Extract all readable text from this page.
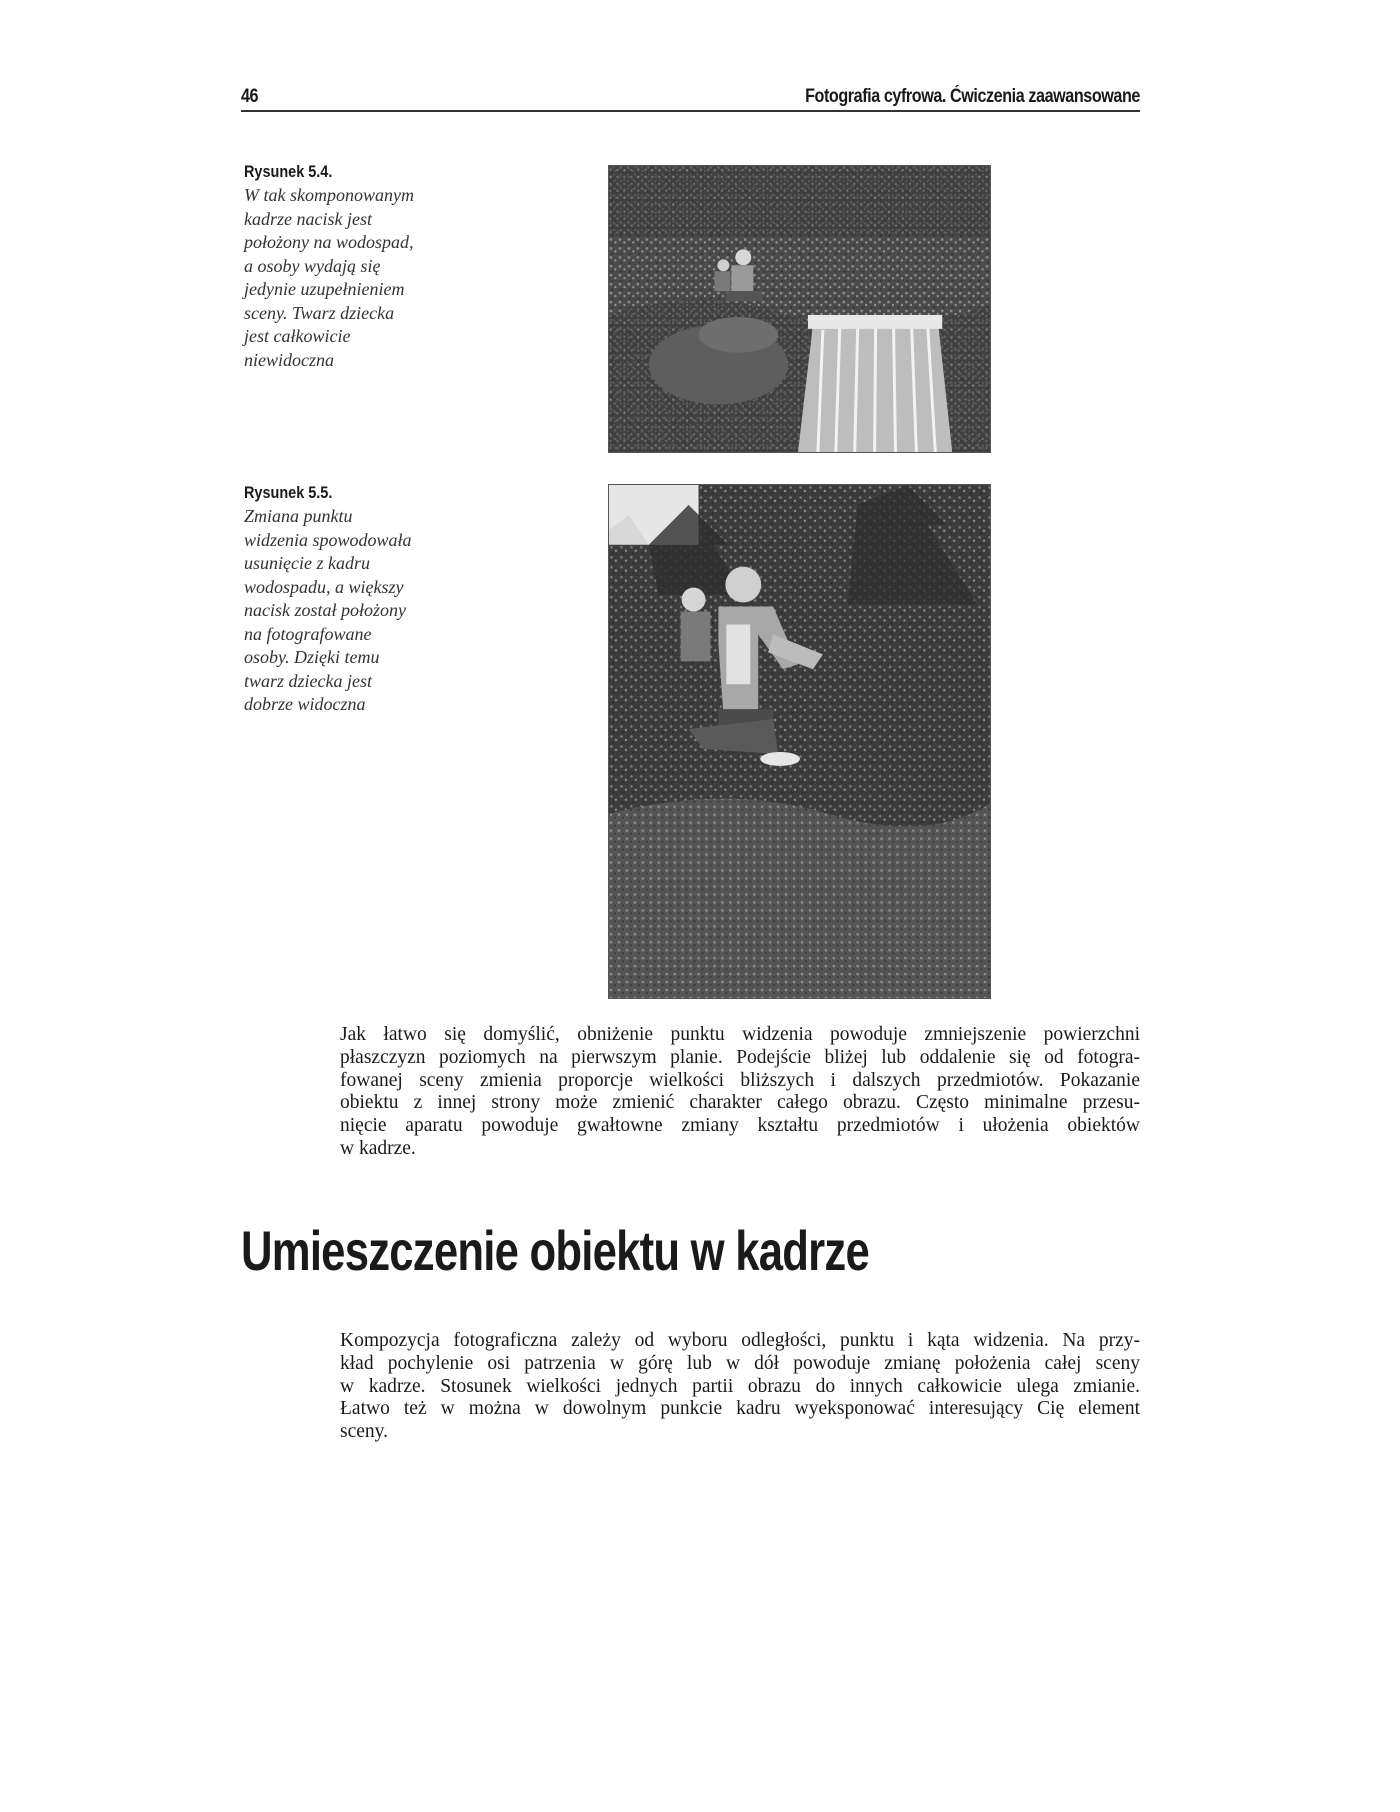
46	Fotografia cyfrowa. Ćwiczenia zaawansowane
Rysunek 5.4.
W tak skomponowanym
kadrze nacisk jest
położony na wodospad,
a osoby wydają się
jedynie uzupełnieniem
sceny. Twarz dziecka
jest całkowicie
niewidoczna
Rysunek 5.5.
Zmiana punktu
widzenia spowodowała
usunięcie z kadru
wodospadu, a większy
nacisk został położony
na fotografowane
osoby. Dzięki temu
twarz dziecka jest
dobrze widoczna
Jak łatwo się domyślić, obniżenie punktu widzenia powoduje zmniejszenie powierzchni
płaszczyzn poziomych na pierwszym planie. Podejście bliżej lub oddalenie się od fotogra-
fowanej sceny zmienia proporcje wielkości bliższych i dalszych przedmiotów. Pokazanie
obiektu z innej strony może zmienić charakter całego obrazu. Często minimalne przesu-
nięcie aparatu powoduje gwałtowne zmiany kształtu przedmiotów i ułożenia obiektów
w kadrze.
Umieszczenie obiektu w kadrze
Kompozycja fotograficzna zależy od wyboru odległości, punktu i kąta widzenia. Na przy-
kład pochylenie osi patrzenia w górę lub w dół powoduje zmianę położenia całej sceny
w kadrze. Stosunek wielkości jednych partii obrazu do innych całkowicie ulega zmianie.
Łatwo też w można w dowolnym punkcie kadru wyeksponować interesujący Cię element
sceny.
